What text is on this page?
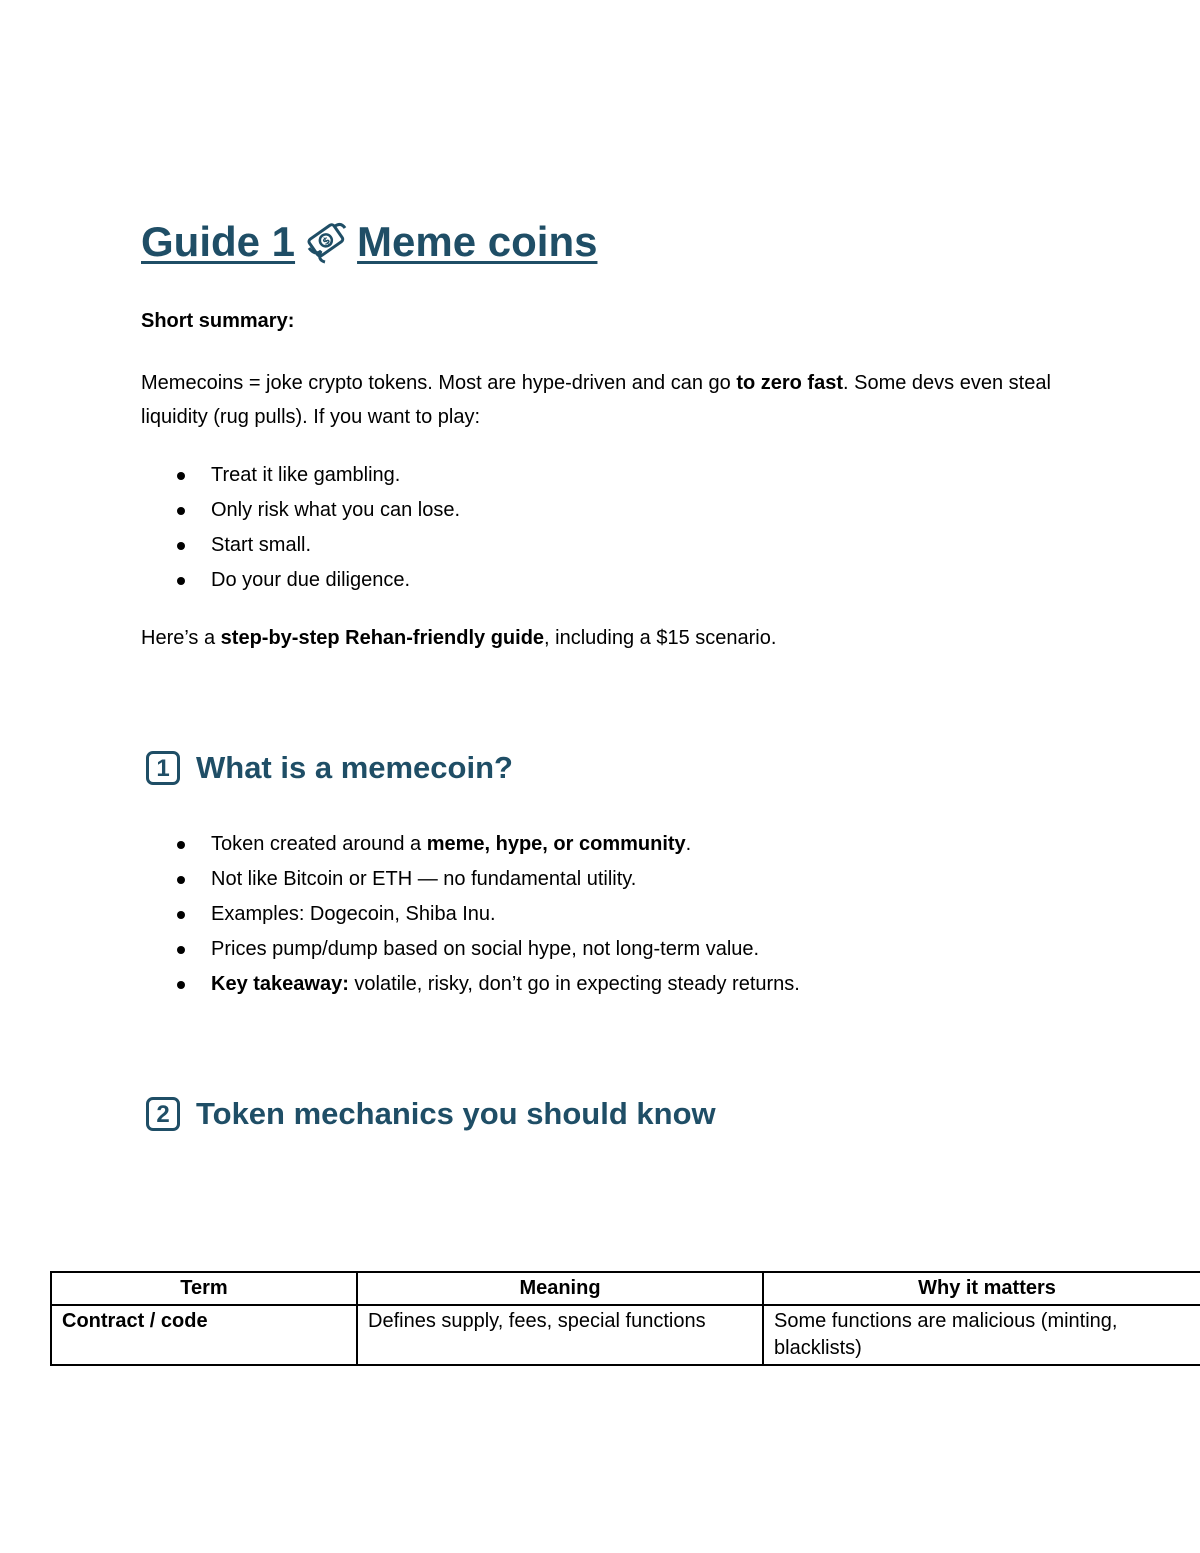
Guide 1	$ Meme coins

Short summary:

Memecoins = joke crypto tokens. Most are hype-driven and can go to zero fast. Some devs even steal liquidity (rug pulls). If you want to play:

Treat it like gambling.
Only risk what you can lose.
Start small.
Do your due diligence.

Here’s a step-by-step Rehan-friendly guide, including a $15 scenario.

1 What is a memecoin?
Token created around a meme, hype, or community.
Not like Bitcoin or ETH — no fundamental utility.
Examples: Dogecoin, Shiba Inu.
Prices pump/dump based on social hype, not long-term value.
Key takeaway: volatile, risky, don’t go in expecting steady returns.
2 Token mechanics you should know
Term	Meaning	Why it matters
Contract / code	Defines supply, fees, special functions	Some functions are malicious (minting, blacklists)
